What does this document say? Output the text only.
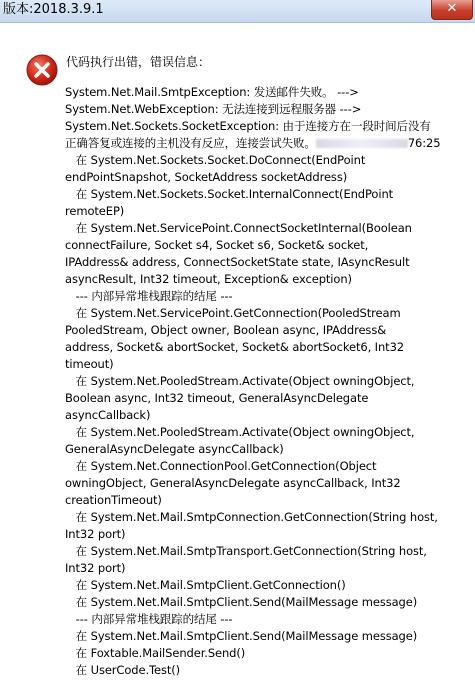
版本:2018.3.9.1	✕
代码执行出错，错误信息：
System.Net.Mail.SmtpException: 发送邮件失败。 --->
System.Net.WebException: 无法连接到远程服务器 --->
System.Net.Sockets.SocketException: 由于连接方在一段时间后没有
正确答复或连接的主机没有反应，连接尝试失败。	76:25
在 System.Net.Sockets.Socket.DoConnect(EndPoint
endPointSnapshot, SocketAddress socketAddress)
在 System.Net.Sockets.Socket.InternalConnect(EndPoint
remoteEP)
在 System.Net.ServicePoint.ConnectSocketInternal(Boolean
connectFailure, Socket s4, Socket s6, Socket& socket,
IPAddress& address, ConnectSocketState state, IAsyncResult
asyncResult, Int32 timeout, Exception& exception)
--- 内部异常堆栈跟踪的结尾 ---
在 System.Net.ServicePoint.GetConnection(PooledStream
PooledStream, Object owner, Boolean async, IPAddress&
address, Socket& abortSocket, Socket& abortSocket6, Int32
timeout)
在 System.Net.PooledStream.Activate(Object owningObject,
Boolean async, Int32 timeout, GeneralAsyncDelegate
asyncCallback)
在 System.Net.PooledStream.Activate(Object owningObject,
GeneralAsyncDelegate asyncCallback)
在 System.Net.ConnectionPool.GetConnection(Object
owningObject, GeneralAsyncDelegate asyncCallback, Int32
creationTimeout)
在 System.Net.Mail.SmtpConnection.GetConnection(String host,
Int32 port)
在 System.Net.Mail.SmtpTransport.GetConnection(String host,
Int32 port)
在 System.Net.Mail.SmtpClient.GetConnection()
在 System.Net.Mail.SmtpClient.Send(MailMessage message)
--- 内部异常堆栈跟踪的结尾 ---
在 System.Net.Mail.SmtpClient.Send(MailMessage message)
在 Foxtable.MailSender.Send()
在 UserCode.Test()
